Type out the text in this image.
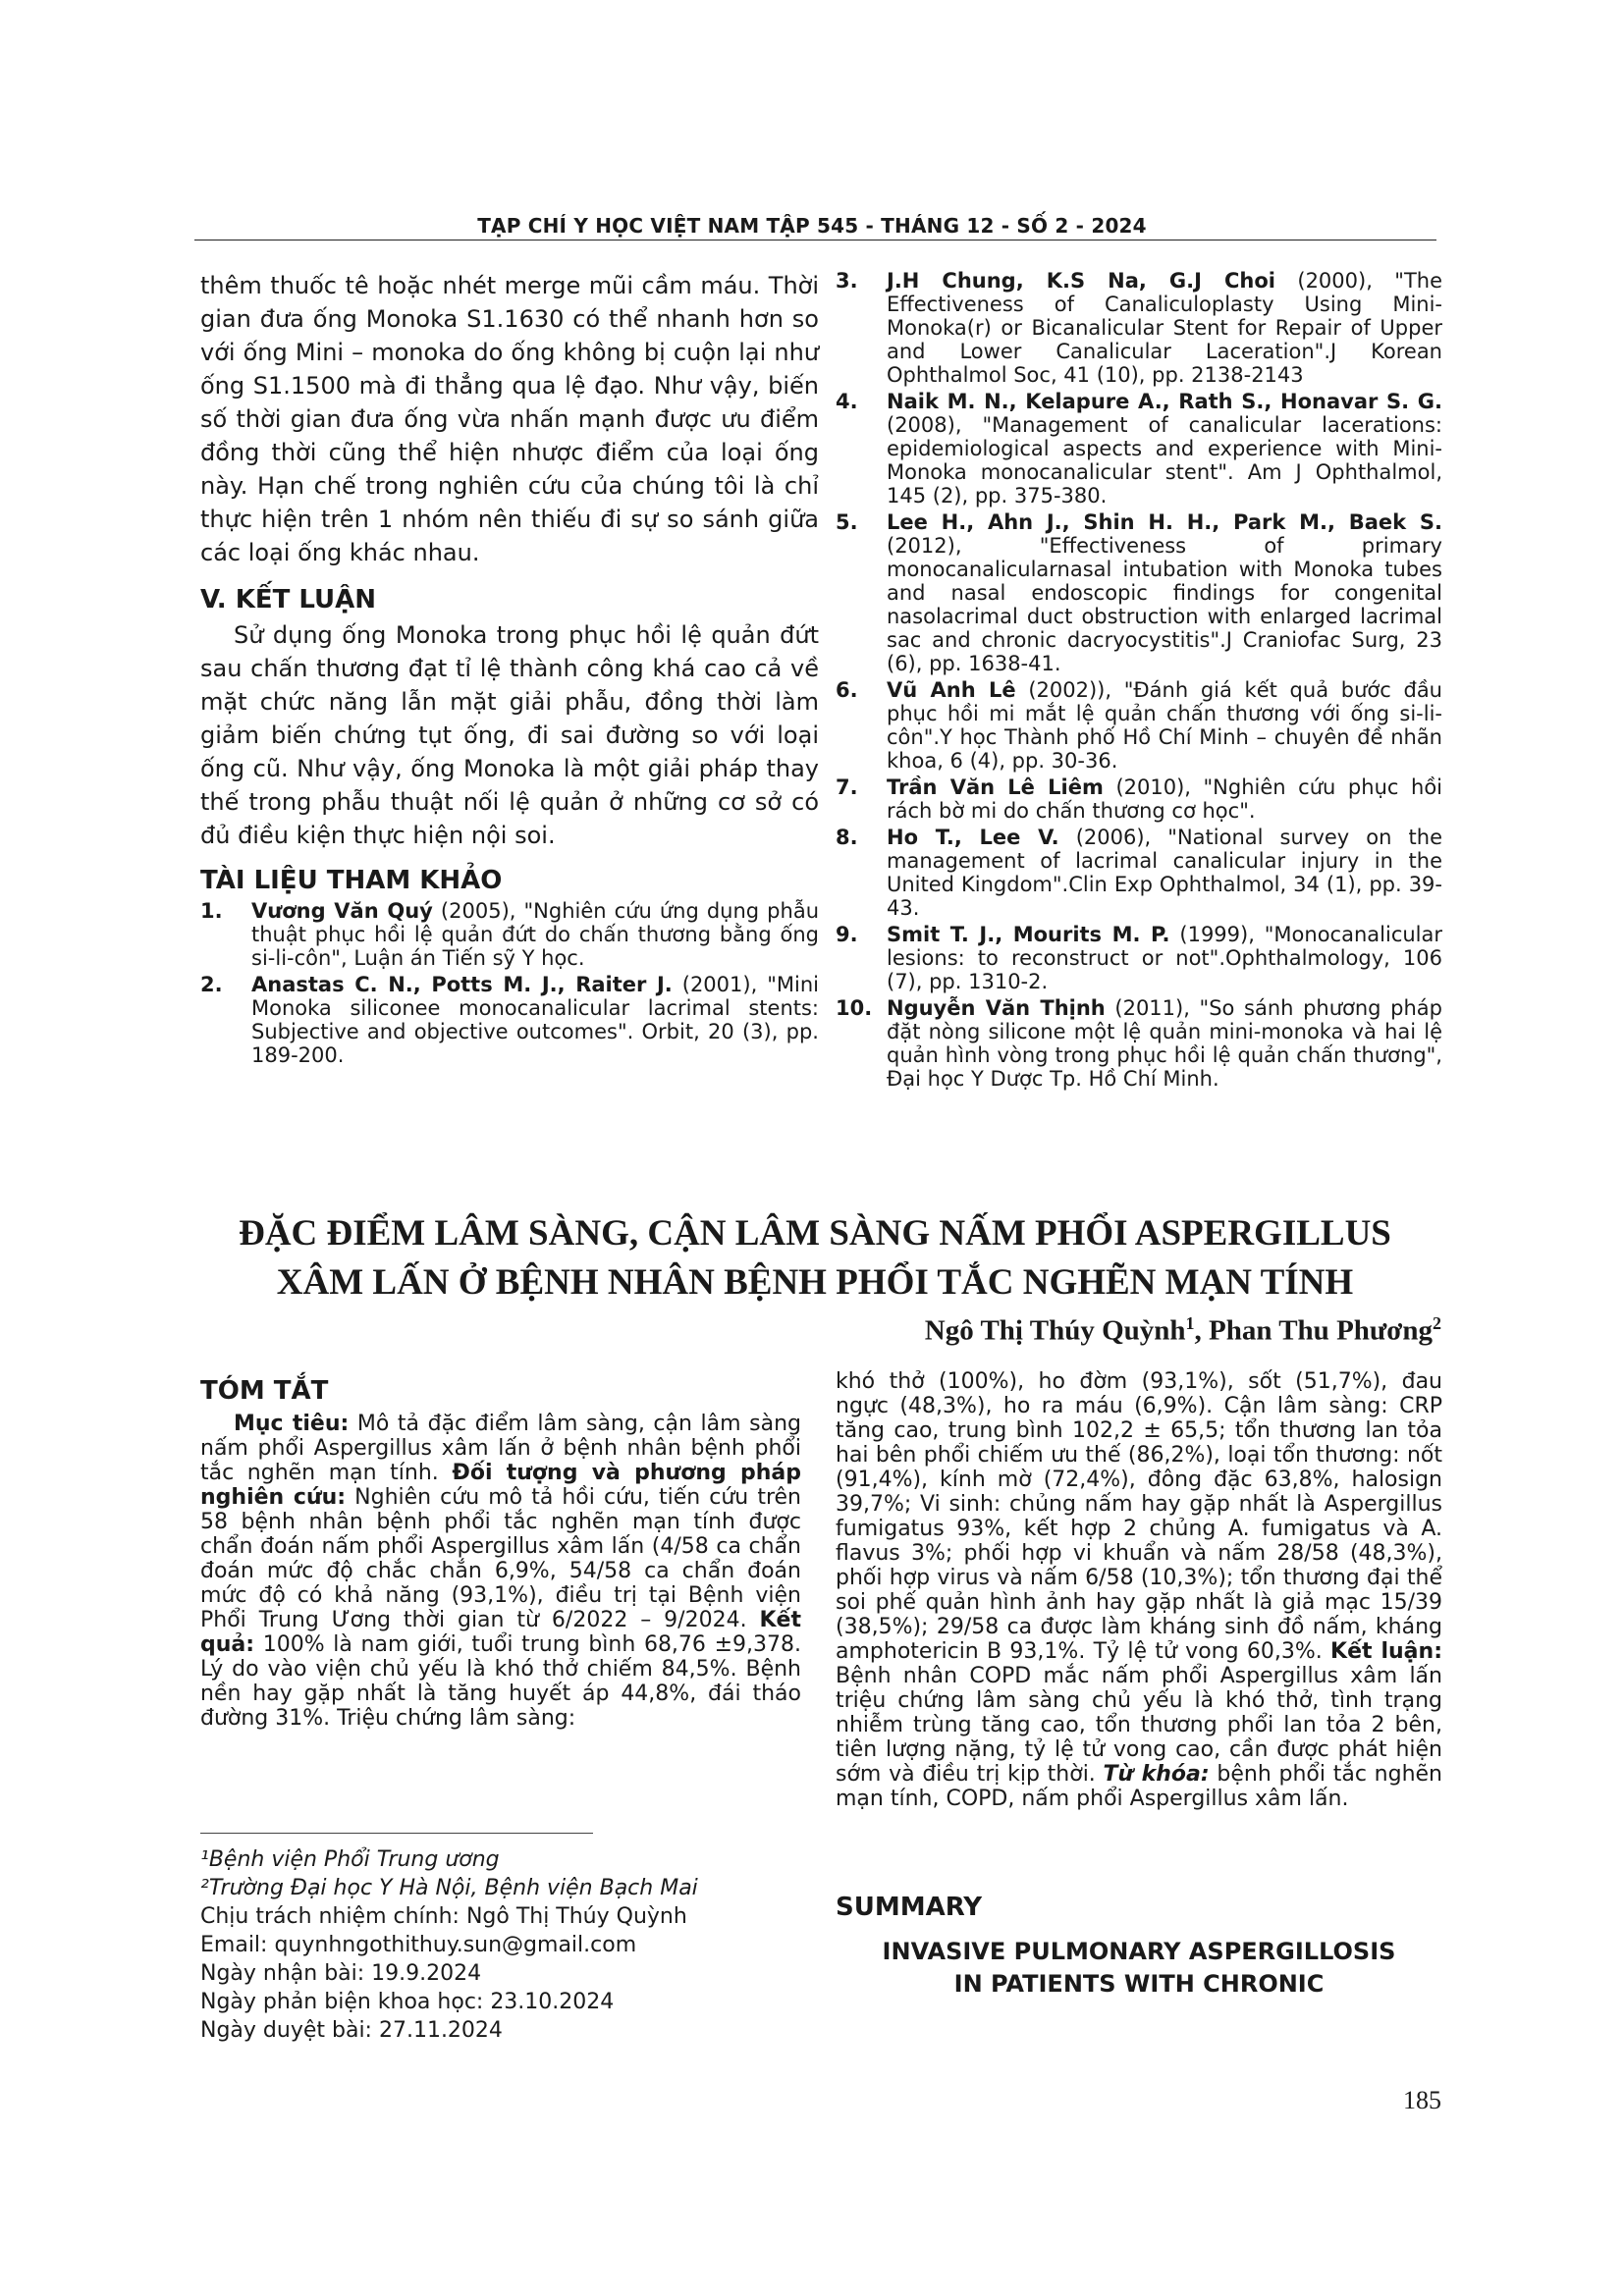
TẠP CHÍ Y HỌC VIỆT NAM TẬP 545 - THÁNG 12 - SỐ 2 - 2024

thêm thuốc tê hoặc nhét merge mũi cầm máu. Thời gian đưa ống Monoka S1.1630 có thể nhanh hơn so với ống Mini – monoka do ống không bị cuộn lại như ống S1.1500 mà đi thẳng qua lệ đạo. Như vậy, biến số thời gian đưa ống vừa nhấn mạnh được ưu điểm đồng thời cũng thể hiện nhược điểm của loại ống này. Hạn chế trong nghiên cứu của chúng tôi là chỉ thực hiện trên 1 nhóm nên thiếu đi sự so sánh giữa các loại ống khác nhau.

V. KẾT LUẬN

Sử dụng ống Monoka trong phục hồi lệ quản đứt sau chấn thương đạt tỉ lệ thành công khá cao cả về mặt chức năng lẫn mặt giải phẫu, đồng thời làm giảm biến chứng tụt ống, đi sai đường so với loại ống cũ. Như vậy, ống Monoka là một giải pháp thay thế trong phẫu thuật nối lệ quản ở những cơ sở có đủ điều kiện thực hiện nội soi.

TÀI LIỆU THAM KHẢO

1.	Vương Văn Quý (2005), "Nghiên cứu ứng dụng phẫu thuật phục hồi lệ quản đứt do chấn thương bằng ống si-li-côn", Luận án Tiến sỹ Y học.
2.	Anastas C. N., Potts M. J., Raiter J. (2001), "Mini Monoka siliconee monocanalicular lacrimal stents: Subjective and objective outcomes". Orbit, 20 (3), pp. 189-200.
3.	J.H Chung, K.S Na, G.J Choi (2000), "The Effectiveness of Canaliculoplasty Using Mini-Monoka(r) or Bicanalicular Stent for Repair of Upper and Lower Canalicular Laceration".J Korean Ophthalmol Soc, 41 (10), pp. 2138-2143
4.	Naik M. N., Kelapure A., Rath S., Honavar S. G. (2008), "Management of canalicular lacerations: epidemiological aspects and experience with Mini-Monoka monocanalicular stent". Am J Ophthalmol, 145 (2), pp. 375-380.
5.	Lee H., Ahn J., Shin H. H., Park M., Baek S. (2012), "Effectiveness of primary monocanalicularnasal intubation with Monoka tubes and nasal endoscopic findings for congenital nasolacrimal duct obstruction with enlarged lacrimal sac and chronic dacryocystitis".J Craniofac Surg, 23 (6), pp. 1638-41.
6.	Vũ Anh Lê (2002)), "Đánh giá kết quả bước đầu phục hồi mi mắt lệ quản chấn thương với ống si-li-côn".Y học Thành phố Hồ Chí Minh – chuyên đề nhãn khoa, 6 (4), pp. 30-36.
7.	Trần Văn Lê Liêm (2010), "Nghiên cứu phục hồi rách bờ mi do chấn thương cơ học".
8.	Ho T., Lee V. (2006), "National survey on the management of lacrimal canalicular injury in the United Kingdom".Clin Exp Ophthalmol, 34 (1), pp. 39-43.
9.	Smit T. J., Mourits M. P. (1999), "Monocanalicular lesions: to reconstruct or not".Ophthalmology, 106 (7), pp. 1310-2.
10. Nguyễn Văn Thịnh (2011), "So sánh phương pháp đặt nòng silicone một lệ quản mini-monoka và hai lệ quản hình vòng trong phục hồi lệ quản chấn thương", Đại học Y Dược Tp. Hồ Chí Minh.
ĐẶC ĐIỂM LÂM SÀNG, CẬN LÂM SÀNG NẤM PHỔI ASPERGILLUS
XÂM LẤN Ở BỆNH NHÂN BỆNH PHỔI TẮC NGHẼN MẠN TÍNH
Ngô Thị Thúy Quỳnh$^1$, Phan Thu Phương$^2$

TÓM TẮT

Mục tiêu: Mô tả đặc điểm lâm sàng, cận lâm sàng nấm phổi Aspergillus xâm lấn ở bệnh nhân bệnh phổi tắc nghẽn mạn tính. Đối tượng và phương pháp nghiên cứu: Nghiên cứu mô tả hồi cứu, tiến cứu trên 58 bệnh nhân bệnh phổi tắc nghẽn mạn tính được chẩn đoán nấm phổi Aspergillus xâm lấn (4/58 ca chẩn đoán mức độ chắc chắn 6,9%, 54/58 ca chẩn đoán mức độ có khả năng (93,1%), điều trị tại Bệnh viện Phổi Trung Ương thời gian từ 6/2022 – 9/2024. Kết quả: 100% là nam giới, tuổi trung bình 68,76 ±9,378. Lý do vào viện chủ yếu là khó thở chiếm 84,5%. Bệnh nền hay gặp nhất là tăng huyết áp 44,8%, đái tháo đường 31%. Triệu chứng lâm sàng:

¹Bệnh viện Phổi Trung ương

²Trường Đại học Y Hà Nội, Bệnh viện Bạch Mai

Chịu trách nhiệm chính: Ngô Thị Thúy Quỳnh

Email: quynhngothithuy.sun@gmail.com

Ngày nhận bài: 19.9.2024

Ngày phản biện khoa học: 23.10.2024

Ngày duyệt bài: 27.11.2024

khó thở (100%), ho đờm (93,1%), sốt (51,7%), đau ngực (48,3%), ho ra máu (6,9%). Cận lâm sàng: CRP tăng cao, trung bình 102,2 ± 65,5; tổn thương lan tỏa hai bên phổi chiếm ưu thế (86,2%), loại tổn thương: nốt (91,4%), kính mờ (72,4%), đông đặc 63,8%, halosign 39,7%; Vi sinh: chủng nấm hay gặp nhất là Aspergillus fumigatus 93%, kết hợp 2 chủng A. fumigatus và A. flavus 3%; phối hợp vi khuẩn và nấm 28/58 (48,3%), phối hợp virus và nấm 6/58 (10,3%); tổn thương đại thể soi phế quản hình ảnh hay gặp nhất là giả mạc 15/39 (38,5%); 29/58 ca được làm kháng sinh đồ nấm, kháng amphotericin B 93,1%. Tỷ lệ tử vong 60,3%. Kết luận: Bệnh nhân COPD mắc nấm phổi Aspergillus xâm lấn triệu chứng lâm sàng chủ yếu là khó thở, tình trạng nhiễm trùng tăng cao, tổn thương phổi lan tỏa 2 bên, tiên lượng nặng, tỷ lệ tử vong cao, cần được phát hiện sớm và điều trị kịp thời. Từ khóa: bệnh phổi tắc nghẽn mạn tính, COPD, nấm phổi Aspergillus xâm lấn.

SUMMARY
INVASIVE PULMONARY ASPERGILLOSIS
IN PATIENTS WITH CHRONIC
185
